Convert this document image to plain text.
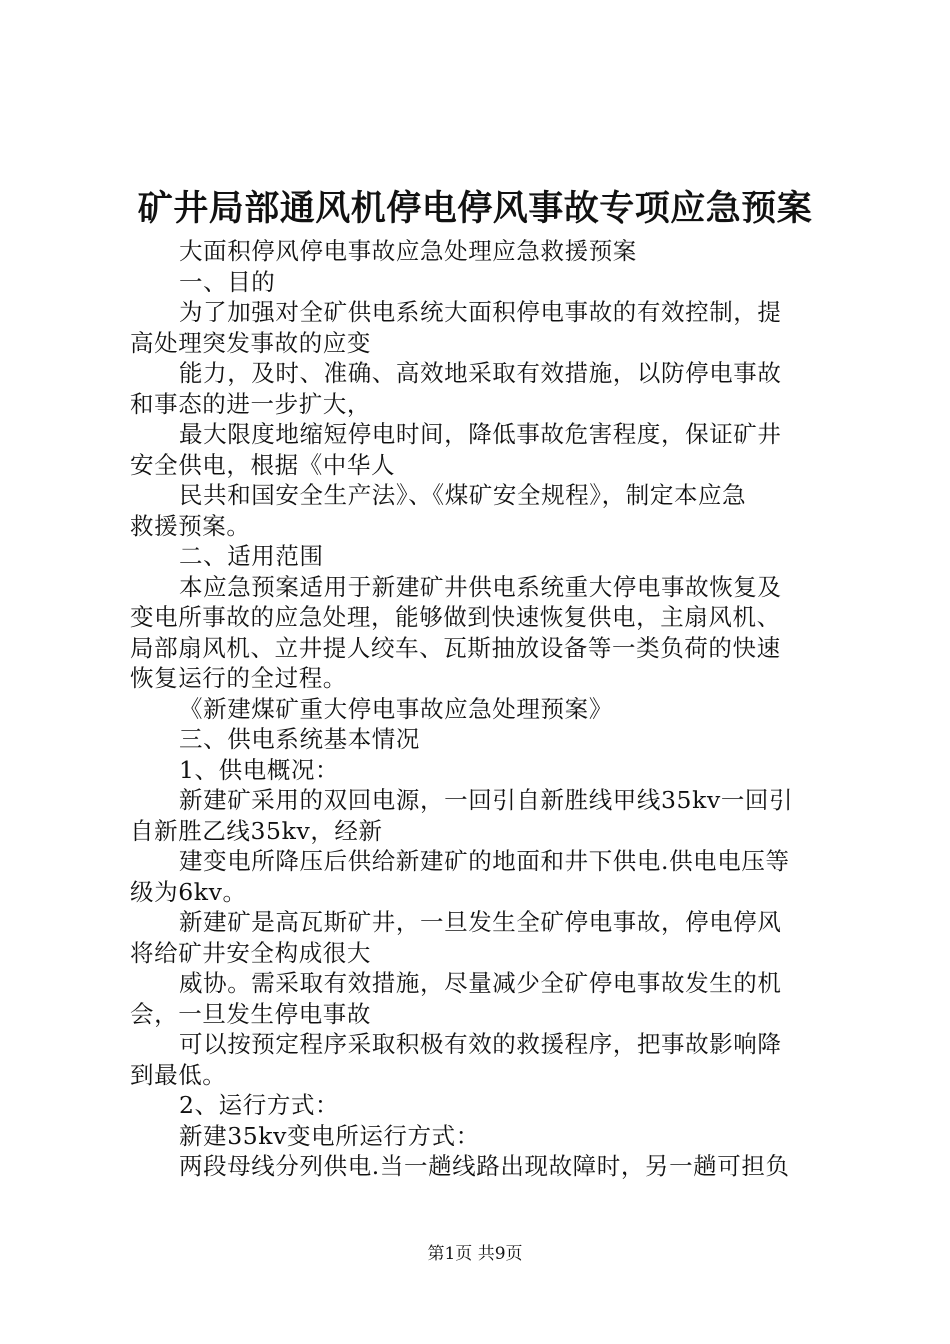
矿井局部通风机停电停风事故专项应急预案

大面积停风停电事故应急处理应急救援预案

一、目的

为了加强对全矿供电系统大面积停电事故的有效控制，提
高处理突发事故的应变

能力，及时、准确、高效地采取有效措施，以防停电事故
和事态的进一步扩大，

最大限度地缩短停电时间，降低事故危害程度，保证矿井
安全供电，根据《中华人

民共和国安全生产法》、《煤矿安全规程》，制定本应急
救援预案。

二、适用范围

本应急预案适用于新建矿井供电系统重大停电事故恢复及
变电所事故的应急处理，能够做到快速恢复供电，主扇风机、
局部扇风机、立井提人绞车、瓦斯抽放设备等一类负荷的快速
恢复运行的全过程。

《新建煤矿重大停电事故应急处理预案》

三、供电系统基本情况

1、供电概况：

新建矿采用的双回电源，一回引自新胜线甲线35kv一回引
自新胜乙线35kv，经新

建变电所降压后供给新建矿的地面和井下供电.供电电压等
级为6kv。

新建矿是高瓦斯矿井，一旦发生全矿停电事故，停电停风
将给矿井安全构成很大

威协。需采取有效措施，尽量减少全矿停电事故发生的机
会，一旦发生停电事故

可以按预定程序采取积极有效的救援程序，把事故影响降
到最低。

2、运行方式：

新建35kv变电所运行方式：

两段母线分列供电.当一趟线路出现故障时，另一趟可担负

第1页 共9页
